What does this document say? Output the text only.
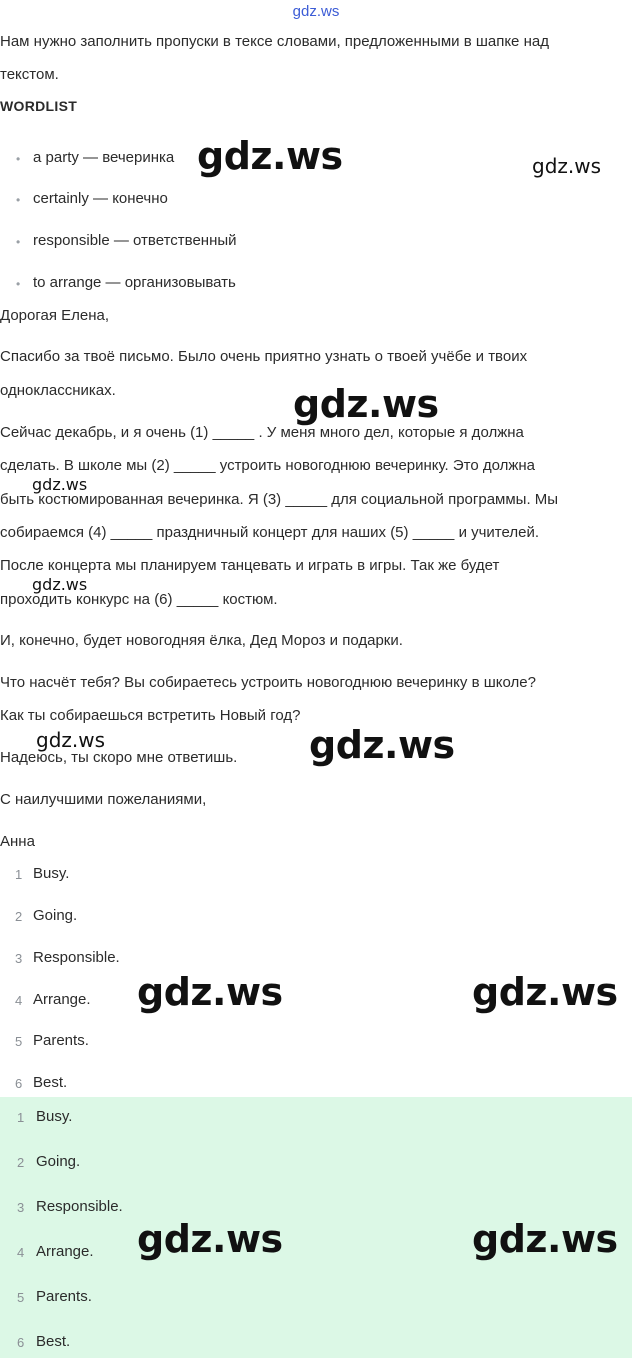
gdz.ws
Нам нужно заполнить пропуски в тексе словами, предложенными в шапке над
текстом.
WORDLIST
• a party — вечеринка
• certainly — конечно
• responsible — ответственный
• to arrange — организовывать
Дорогая Елена,
Спасибо за твоё письмо. Было очень приятно узнать о твоей учёбе и твоих
одноклассниках.
Сейчас декабрь, и я очень (1) _____ . У меня много дел, которые я должна
сделать. В школе мы (2) _____ устроить новогоднюю вечеринку. Это должна
быть костюмированная вечеринка. Я (3) _____ для социальной программы. Мы
собираемся (4) _____ праздничный концерт для наших (5) _____ и учителей.
После концерта мы планируем танцевать и играть в игры. Так же будет
проходить конкурс на (6) _____ костюм.
И, конечно, будет новогодняя ёлка, Дед Мороз и подарки.
Что насчёт тебя? Вы собираетесь устроить новогоднюю вечеринку в школе?
Как ты собираешься встретить Новый год?
Надеюсь, ты скоро мне ответишь.
С наилучшими пожеланиями,
Анна
1 Busy.
2 Going.
3 Responsible.
4 Arrange.
5 Parents.
6 Best.
1 Busy.
2 Going.
3 Responsible.
4 Arrange.
5 Parents.
6 Best.
gdz.ws	gdz.ws
gdz.ws
gdz.ws
gdz.ws
gdz.ws	gdz.ws
gdz.ws	gdz.ws
gdz.ws	gdz.ws
